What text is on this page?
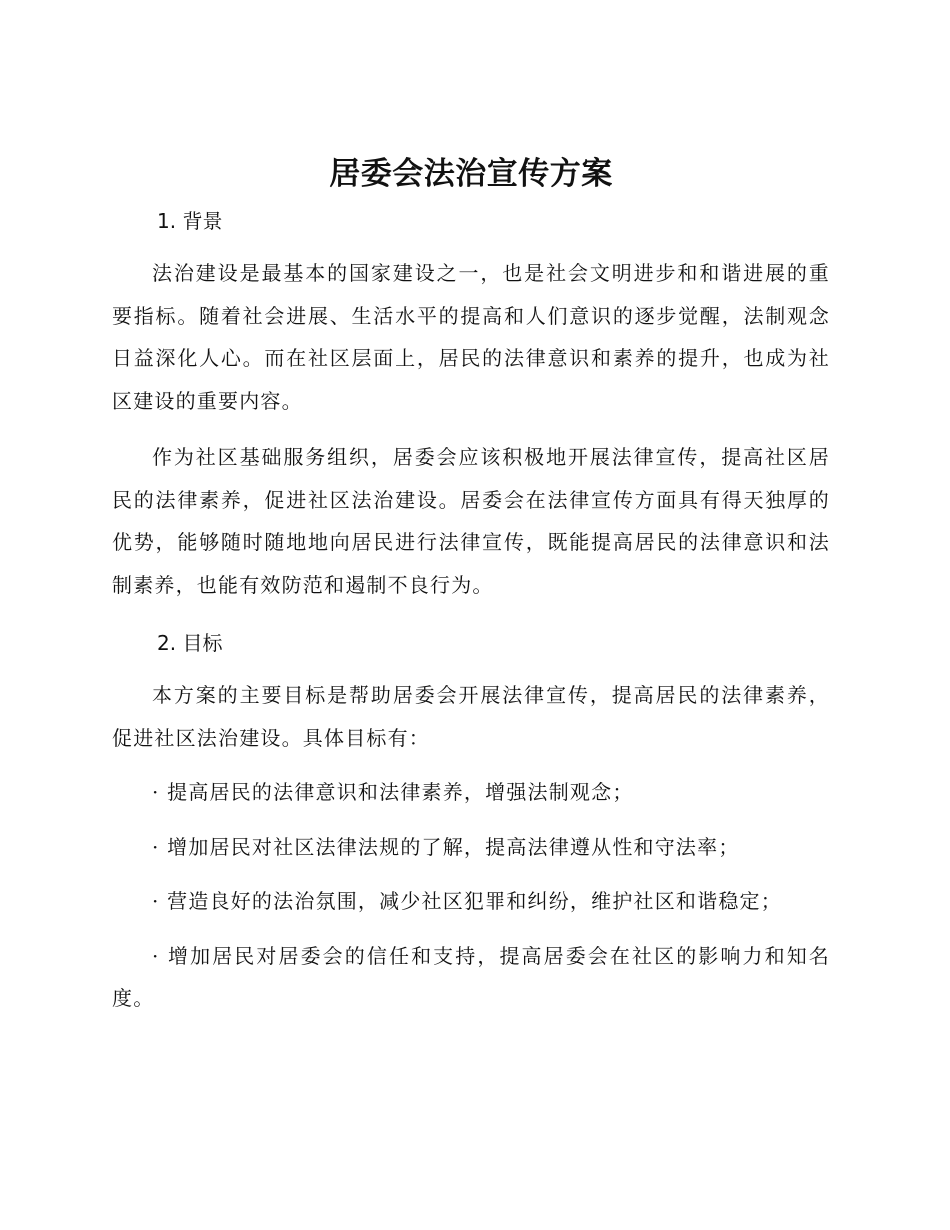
居委会法治宣传方案
1. 背景

法治建设是最基本的国家建设之一，也是社会文明进步和和谐进展的重要指标。随着社会进展、生活水平的提高和人们意识的逐步觉醒，法制观念日益深化人心。而在社区层面上，居民的法律意识和素养的提升，也成为社区建设的重要内容。

作为社区基础服务组织，居委会应该积极地开展法律宣传，提高社区居民的法律素养，促进社区法治建设。居委会在法律宣传方面具有得天独厚的优势，能够随时随地地向居民进行法律宣传，既能提高居民的法律意识和法制素养，也能有效防范和遏制不良行为。

2. 目标

本方案的主要目标是帮助居委会开展法律宣传，提高居民的法律素养，促进社区法治建设。具体目标有：

· 提高居民的法律意识和法律素养，增强法制观念；
· 增加居民对社区法律法规的了解，提高法律遵从性和守法率；
· 营造良好的法治氛围，减少社区犯罪和纠纷，维护社区和谐稳定；
· 增加居民对居委会的信任和支持，提高居委会在社区的影响力和知名度。
